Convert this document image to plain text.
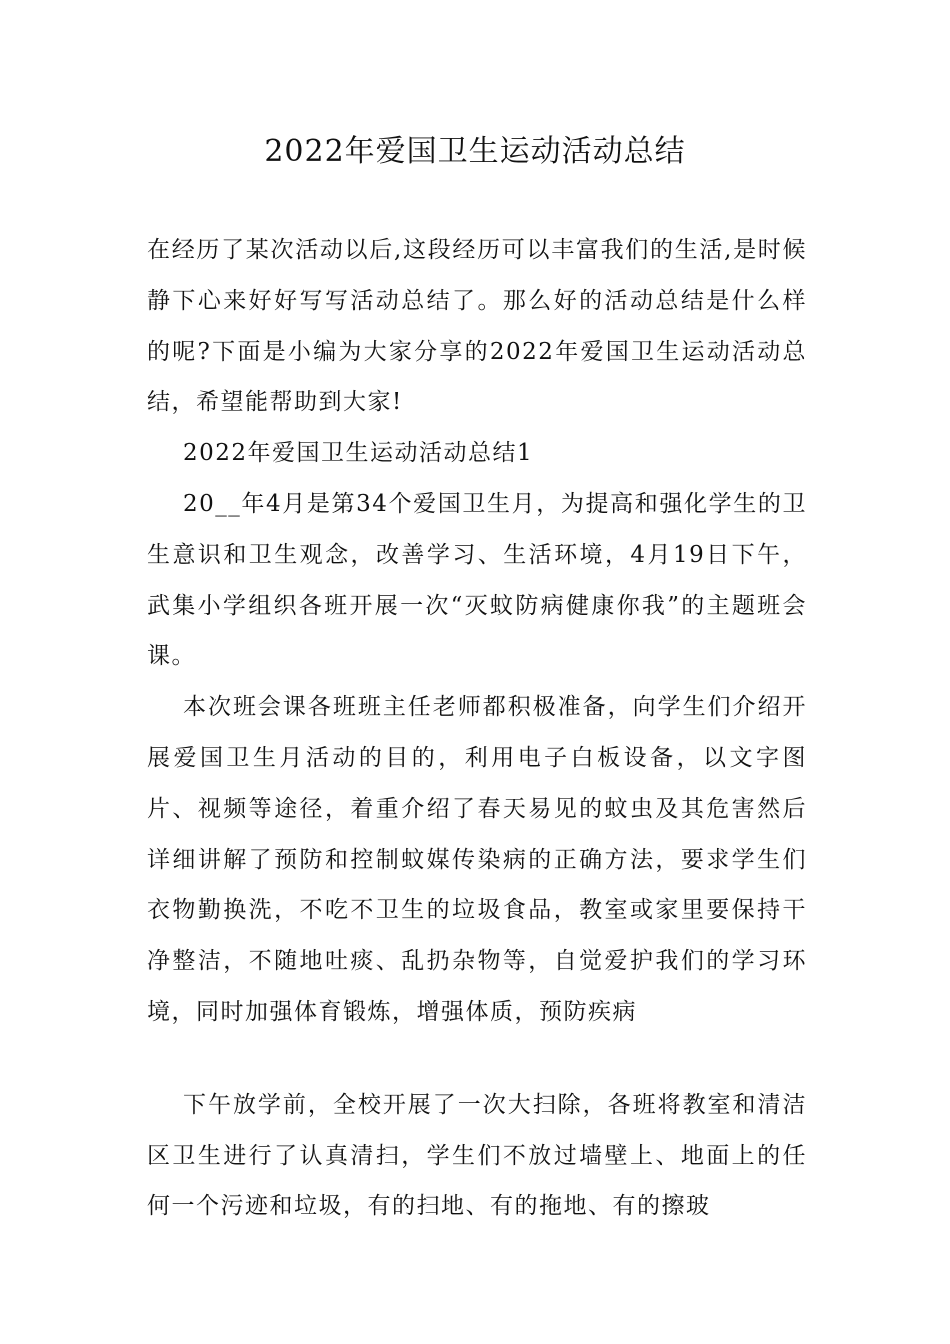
2022年爱国卫生运动活动总结

在经历了某次活动以后,这段经历可以丰富我们的生活,是时候静下心来好好写写活动总结了。那么好的活动总结是什么样的呢?下面是小编为大家分享的2022年爱国卫生运动活动总结，希望能帮助到大家!

2022年爱国卫生运动活动总结1

20__年4月是第34个爱国卫生月，为提高和强化学生的卫生意识和卫生观念，改善学习、生活环境，4月19日下午，武集小学组织各班开展一次“灭蚊防病健康你我”的主题班会课。

本次班会课各班班主任老师都积极准备，向学生们介绍开展爱国卫生月活动的目的，利用电子白板设备，以文字图片、视频等途径，着重介绍了春天易见的蚊虫及其危害然后详细讲解了预防和控制蚊媒传染病的正确方法，要求学生们衣物勤换洗，不吃不卫生的垃圾食品，教室或家里要保持干净整洁，不随地吐痰、乱扔杂物等，自觉爱护我们的学习环境，同时加强体育锻炼，增强体质，预防疾病

下午放学前，全校开展了一次大扫除，各班将教室和清洁区卫生进行了认真清扫，学生们不放过墙壁上、地面上的任何一个污迹和垃圾，有的扫地、有的拖地、有的擦玻
